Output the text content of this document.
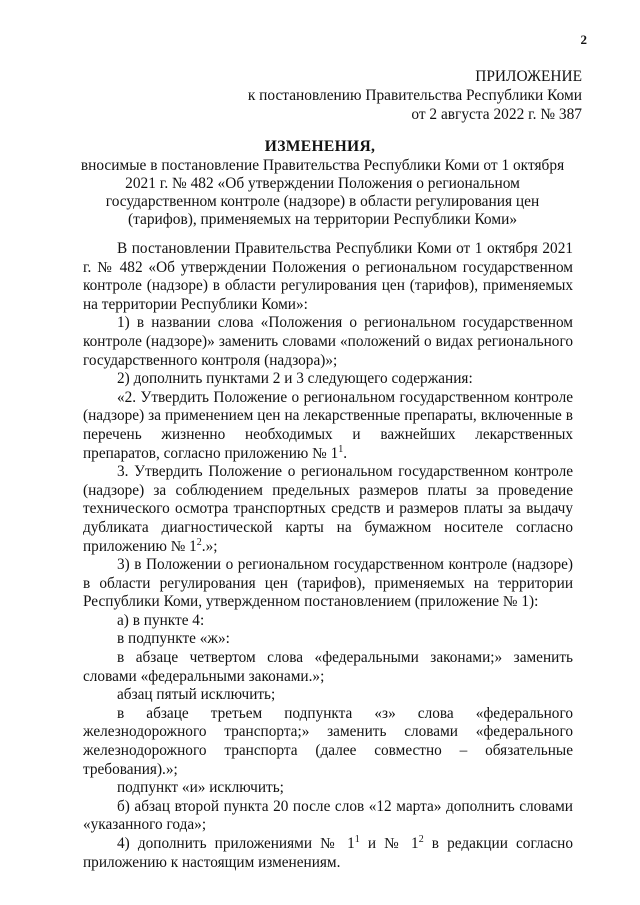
2
ПРИЛОЖЕНИЕ
к постановлению Правительства Республики Коми
от 2 августа 2022 г. № 387
ИЗМЕНЕНИЯ,
вносимые в постановление Правительства Республики Коми от 1 октября 2021 г. № 482 «Об утверждении Положения о региональном государственном контроле (надзоре) в области регулирования цен (тарифов), применяемых на территории Республики Коми»

В постановлении Правительства Республики Коми от 1 октября 2021 г. № 482 «Об утверждении Положения о региональном государственном контроле (надзоре) в области регулирования цен (тарифов), применяемых на территории Республики Коми»:

1) в названии слова «Положения о региональном государственном контроле (надзоре)» заменить словами «положений о видах регионального государственного контроля (надзора)»;

2) дополнить пунктами 2 и 3 следующего содержания:

«2. Утвердить Положение о региональном государственном контроле (надзоре) за применением цен на лекарственные препараты, включенные в перечень жизненно необходимых и важнейших лекарственных препаратов, согласно приложению № $1^1$.

3. Утвердить Положение о региональном государственном контроле (надзоре) за соблюдением предельных размеров платы за проведение технического осмотра транспортных средств и размеров платы за выдачу дубликата диагностической карты на бумажном носителе согласно приложению № $1^2$.»;

3) в Положении о региональном государственном контроле (надзоре) в области регулирования цен (тарифов), применяемых на территории Республики Коми, утвержденном постановлением (приложение № 1):

а) в пункте 4:

в подпункте «ж»:

в абзаце четвертом слова «федеральными законами;» заменить словами «федеральными законами.»;

абзац пятый исключить;

в абзаце третьем подпункта «з» слова «федерального железнодорожного транспорта;» заменить словами «федерального железнодорожного транспорта (далее совместно – обязательные требования).»;

подпункт «и» исключить;

б) абзац второй пункта 20 после слов «12 марта» дополнить словами «указанного года»;

4) дополнить приложениями № $1^1$ и № $1^2$ в редакции согласно приложению к настоящим изменениям.
